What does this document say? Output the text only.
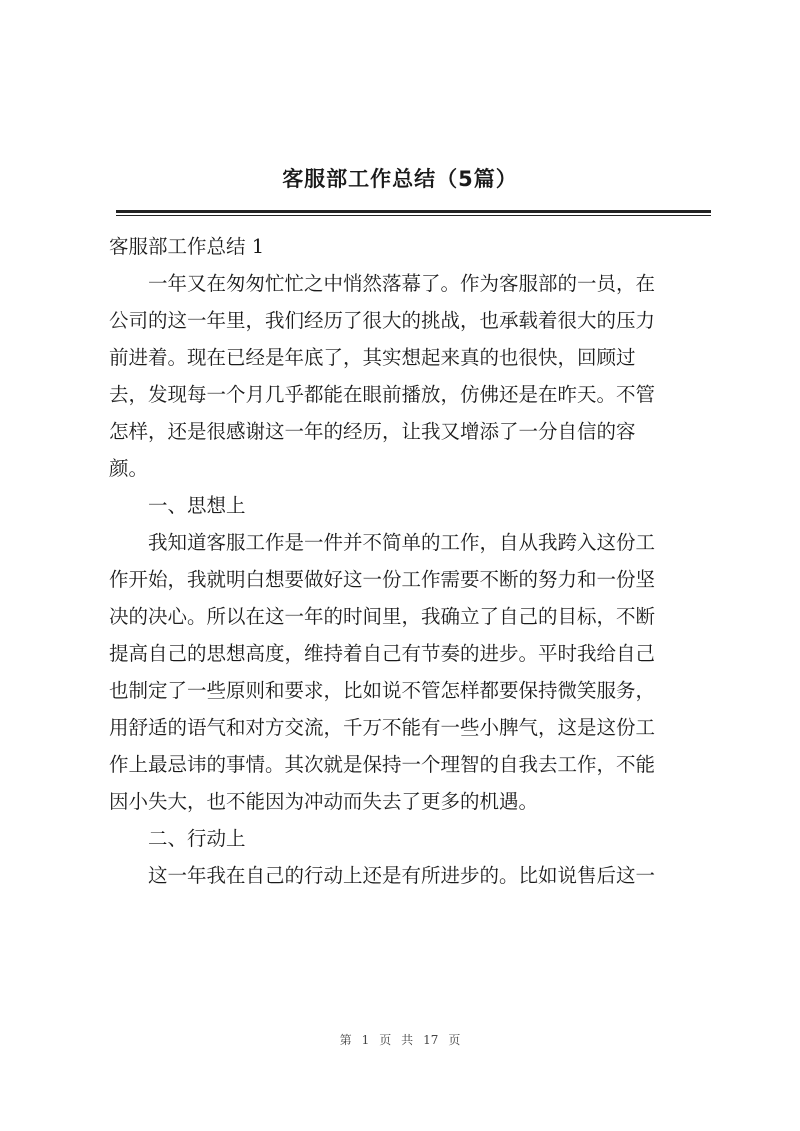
客服部工作总结（5篇）
客服部工作总结 1
　　一年又在匆匆忙忙之中悄然落幕了。作为客服部的一员，在
公司的这一年里，我们经历了很大的挑战，也承载着很大的压力
前进着。现在已经是年底了，其实想起来真的也很快，回顾过
去，发现每一个月几乎都能在眼前播放，仿佛还是在昨天。不管
怎样，还是很感谢这一年的经历，让我又增添了一分自信的容
颜。
　　一、思想上
　　我知道客服工作是一件并不简单的工作，自从我跨入这份工
作开始，我就明白想要做好这一份工作需要不断的努力和一份坚
决的决心。所以在这一年的时间里，我确立了自己的目标，不断
提高自己的思想高度，维持着自己有节奏的进步。平时我给自己
也制定了一些原则和要求，比如说不管怎样都要保持微笑服务，
用舒适的语气和对方交流，千万不能有一些小脾气，这是这份工
作上最忌讳的事情。其次就是保持一个理智的自我去工作，不能
因小失大，也不能因为冲动而失去了更多的机遇。
　　二、行动上
　　这一年我在自己的行动上还是有所进步的。比如说售后这一
第 1 页 共 17 页
